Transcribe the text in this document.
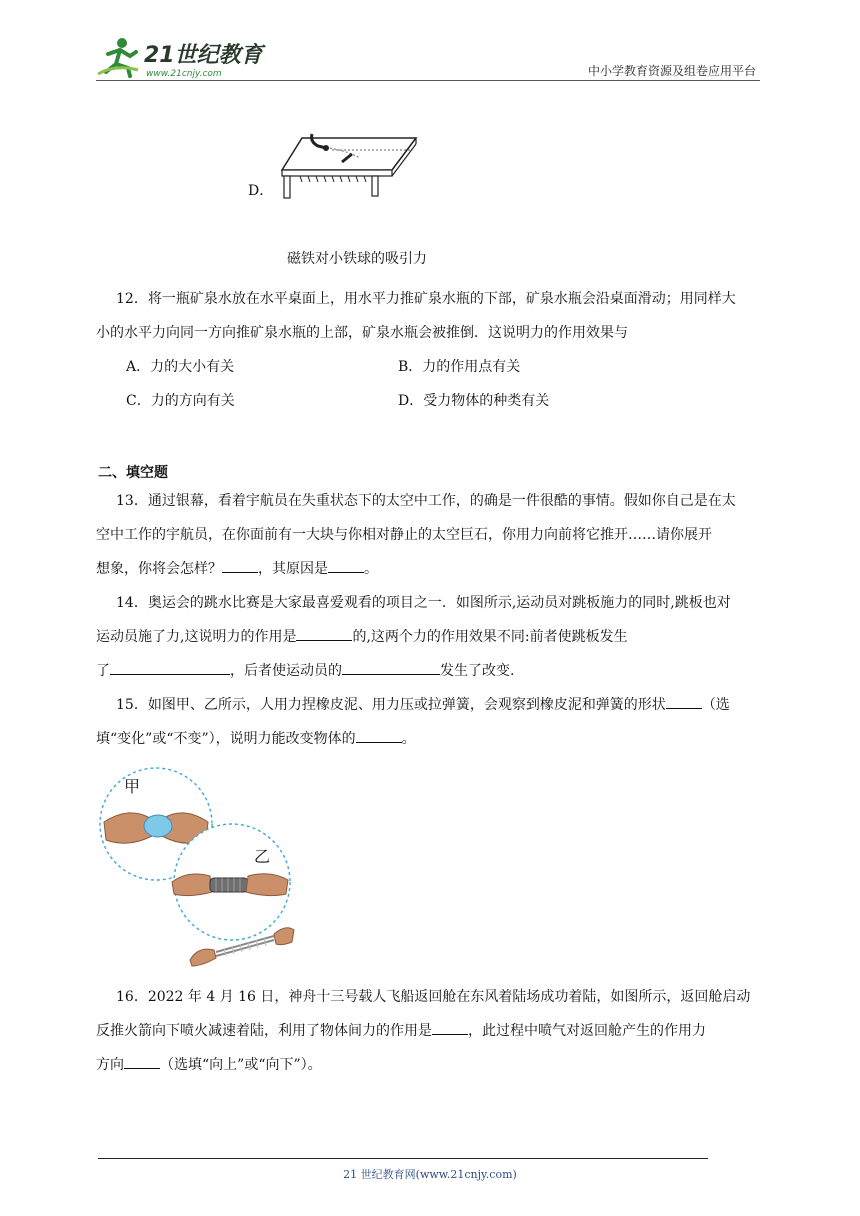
21世纪教育
www.21cnjy.com	中小学教育资源及组卷应用平台
D．
磁铁对小铁球的吸引力
12．将一瓶矿泉水放在水平桌面上，用水平力推矿泉水瓶的下部，矿泉水瓶会沿桌面滑动；用同样大
小的水平力向同一方向推矿泉水瓶的上部，矿泉水瓶会被推倒．这说明力的作用效果与
A．力的大小有关	B．力的作用点有关
C．力的方向有关	D．受力物体的种类有关
二、填空题
13．通过银幕，看着宇航员在失重状态下的太空中工作，的确是一件很酷的事情。假如你自己是在太
空中工作的宇航员，在你面前有一大块与你相对静止的太空巨石，你用力向前将它推开……请你展开
想象，你将会怎样？	，其原因是	。
14．奥运会的跳水比赛是大家最喜爱观看的项目之一．如图所示,运动员对跳板施力的同时,跳板也对
运动员施了力,这说明力的作用是	的,这两个力的作用效果不同:前者使跳板发生
了	，后者使运动员的	发生了改变.
15．如图甲、乙所示，人用力捏橡皮泥、用力压或拉弹簧，会观察到橡皮泥和弹簧的形状	（选
填“变化”或“不变”），说明力能改变物体的	。
甲
乙
16．2022 年 4 月 16 日，神舟十三号载人飞船返回舱在东风着陆场成功着陆，如图所示，返回舱启动
反推火箭向下喷火减速着陆，利用了物体间力的作用是	，此过程中喷气对返回舱产生的作用力
方向	（选填“向上”或“向下”）。
21 世纪教育网(www.21cnjy.com)
